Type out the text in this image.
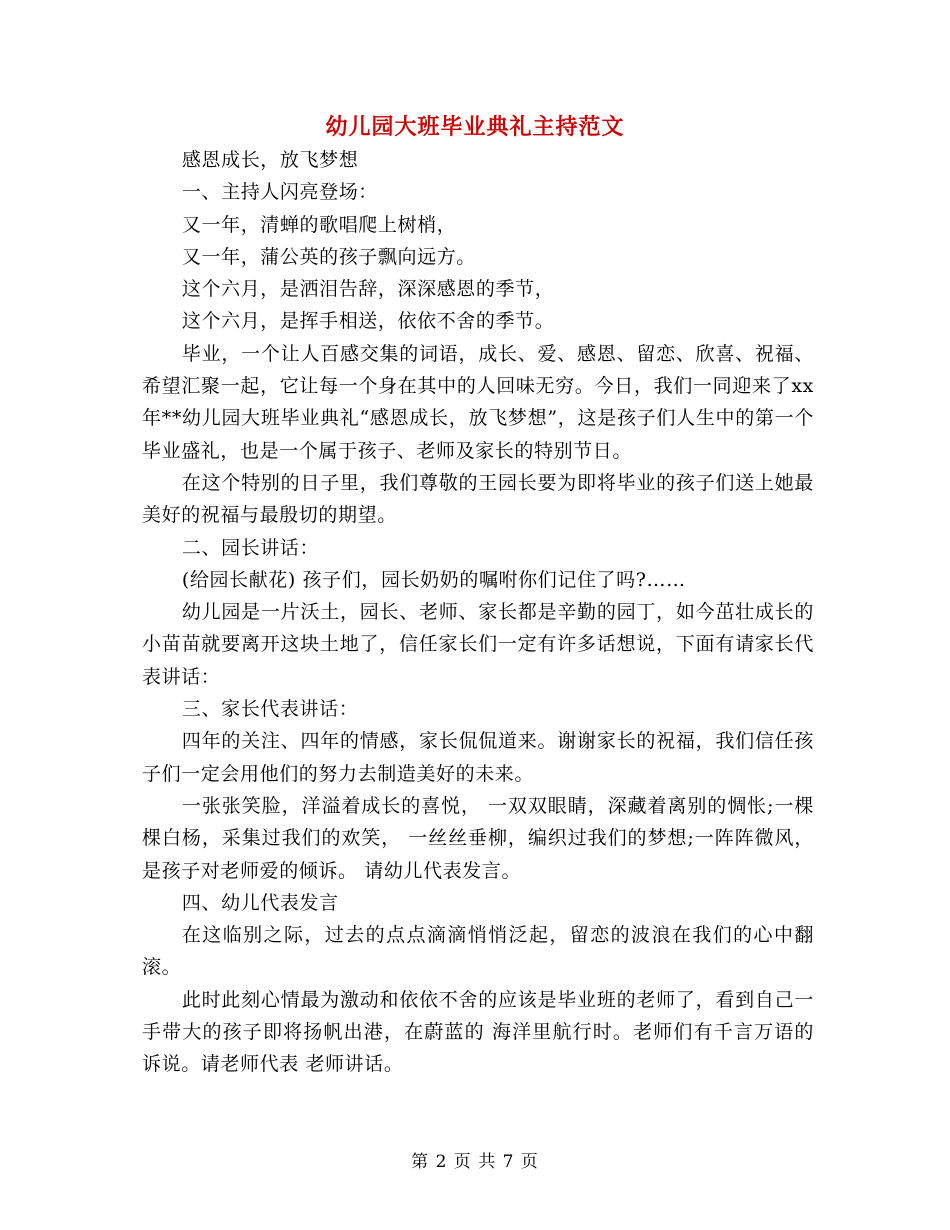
幼儿园大班毕业典礼主持范文

感恩成长，放飞梦想

一、主持人闪亮登场：

又一年，清蝉的歌唱爬上树梢，

又一年，蒲公英的孩子飘向远方。

这个六月，是洒泪告辞，深深感恩的季节，

这个六月，是挥手相送，依依不舍的季节。

毕业，一个让人百感交集的词语，成长、爱、感恩、留恋、欣喜、祝福、希望汇聚一起，它让每一个身在其中的人回味无穷。今日，我们一同迎来了xx年**幼儿园大班毕业典礼“感恩成长，放飞梦想”，这是孩子们人生中的第一个毕业盛礼，也是一个属于孩子、老师及家长的特别节日。

在这个特别的日子里，我们尊敬的王园长要为即将毕业的孩子们送上她最美好的祝福与最殷切的期望。

二、园长讲话：

(给园长献花) 孩子们，园长奶奶的嘱咐你们记住了吗?……

幼儿园是一片沃土，园长、老师、家长都是辛勤的园丁，如今茁壮成长的小苗苗就要离开这块土地了，信任家长们一定有许多话想说，下面有请家长代表讲话：

三、家长代表讲话：

四年的关注、四年的情感，家长侃侃道来。谢谢家长的祝福，我们信任孩子们一定会用他们的努力去制造美好的未来。

一张张笑脸，洋溢着成长的喜悦， 一双双眼睛，深藏着离别的惆怅;一棵棵白杨，采集过我们的欢笑， 一丝丝垂柳，编织过我们的梦想;一阵阵微风，是孩子对老师爱的倾诉。 请幼儿代表发言。

四、幼儿代表发言

在这临别之际，过去的点点滴滴悄悄泛起，留恋的波浪在我们的心中翻滚。

此时此刻心情最为激动和依依不舍的应该是毕业班的老师了，看到自己一手带大的孩子即将扬帆出港，在蔚蓝的 海洋里航行时。老师们有千言万语的诉说。请老师代表 老师讲话。

第 2 页 共 7 页
